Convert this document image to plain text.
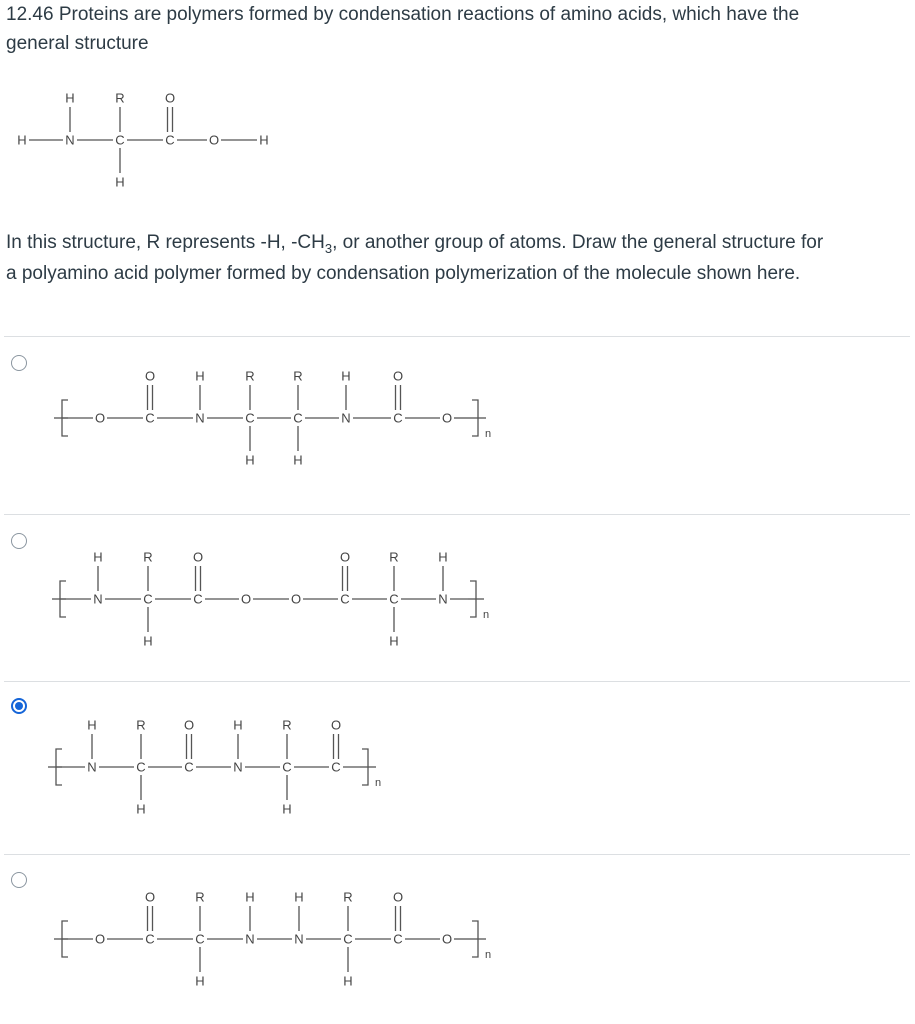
12.46 Proteins are polymers formed by condensation reactions of amino acids, which have the
general structure
H	N	C	C	O	H
H	R	O
H
O	C	N	C	C	N	C	O
O	H	R	R	H	O
H	H
n
N	C	C	O	O	C	C	N
H	R	O	O	R	H
H	H
n
N	C	C	N	C	C
H	R	O	H	R	O
H	H
n
O	C	C	N	N	C	C	O
O	R	H	H	R	O
H	H
n
In this structure, R represents -H, $-CH_3$, or another group of atoms. Draw the general structure for
a polyamino acid polymer formed by condensation polymerization of the molecule shown here.
